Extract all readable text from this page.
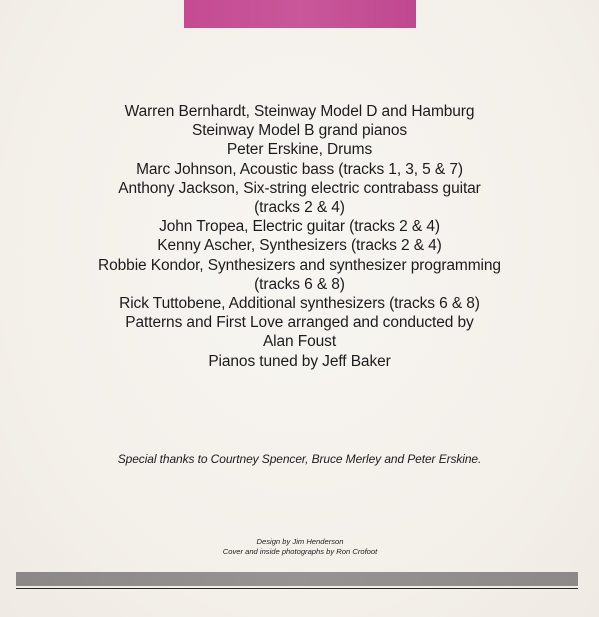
Warren Bernhardt, Steinway Model D and Hamburg
Steinway Model B grand pianos
Peter Erskine, Drums
Marc Johnson, Acoustic bass (tracks 1, 3, 5 & 7)
Anthony Jackson, Six-string electric contrabass guitar
(tracks 2 & 4)
John Tropea, Electric guitar (tracks 2 & 4)
Kenny Ascher, Synthesizers (tracks 2 & 4)
Robbie Kondor, Synthesizers and synthesizer programming
(tracks 6 & 8)
Rick Tuttobene, Additional synthesizers (tracks 6 & 8)
Patterns and First Love arranged and conducted by
Alan Foust
Pianos tuned by Jeff Baker
Special thanks to Courtney Spencer, Bruce Merley and Peter Erskine.
Design by Jim Henderson
Cover and inside photographs by Ron Crofoot
